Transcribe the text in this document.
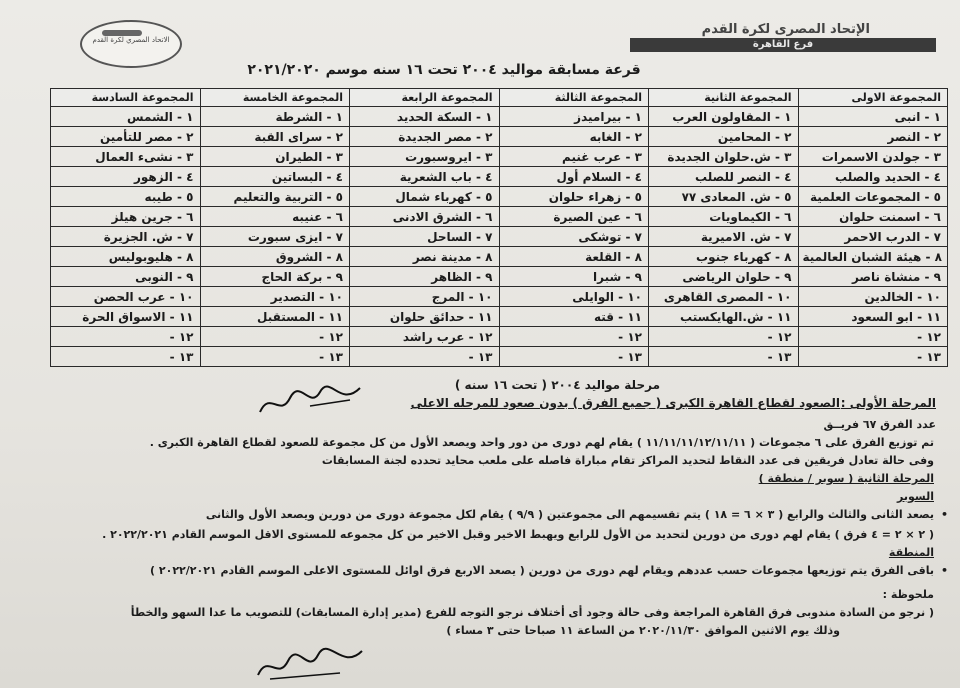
الاتحاد المصري لكرة القدم
الإتحاد المصرى لكرة القدم
فرع القاهرة
قرعة مسابقة مواليد ٢٠٠٤ تحت ١٦ سنه موسم ٢٠٢١/٢٠٢٠
المجموعة الاولى	المجموعة الثانية	المجموعة الثالثة	المجموعة الرابعة	المجموعة الخامسة	المجموعة السادسة
١ - انبى	١ - المقاولون العرب	١ - بيراميدز	١ - السكة الحديد	١ - الشرطة	١ - الشمس
٢ - النصر	٢ - المحامين	٢ - الغابه	٢ - مصر الجديدة	٢ - سراى القبة	٢ - مصر للتأمين
٣ - جولدن الاسمرات	٣ - ش.حلوان الجديدة	٣ - عرب غنيم	٣ - ايروسبورت	٣ - الطيران	٣ - نشىء العمال
٤ - الحديد والصلب	٤ - النصر للصلب	٤ - السلام أول	٤ - باب الشعرية	٤ - البساتين	٤ - الزهور
٥ - المجموعات العلمية	٥ - ش. المعادى ٧٧	٥ - زهراء حلوان	٥ - كهرباء شمال	٥ - التربية والتعليم	٥ - طيبه
٦ - اسمنت حلوان	٦ - الكيماويات	٦ - عين الصيرة	٦ - الشرق الادنى	٦ - عنيبه	٦ - جرين هيلز
٧ - الدرب الاحمر	٧ - ش. الاميرية	٧ - توشكى	٧ - الساحل	٧ - ايزى سبورت	٧ - ش. الجزيرة
٨ - هيئة الشبان العالمية	٨ - كهرباء جنوب	٨ - القلعة	٨ - مدينة نصر	٨ - الشروق	٨ - هليوبوليس
٩ - منشاة ناصر	٩ - حلوان الرياضى	٩ - شبرا	٩ - الظاهر	٩ - بركة الحاج	٩ - النوبى
١٠ - الخالدين	١٠ - المصرى القاهرى	١٠ - الوايلى	١٠ - المرج	١٠ - التصدير	١٠ - عرب الحصن
١١ - ابو السعود	١١ - ش.الهايكستب	١١ - قته	١١ - حدائق حلوان	١١ - المستقبل	١١ - الاسواق الحرة
١٢ -	١٢ -	١٢ -	١٢ - عرب راشد	١٢ -	١٢ -
١٣ -	١٣ -	١٣ -	١٣ -	١٣ -	١٣ -
مرحلة مواليد ٢٠٠٤ ( تحت ١٦ سنه )
المرحلة الأولى :
الصعود لقطاع القاهرة الكبرى ( جميع الفرق ) بدون صعود للمرحله الاعلى
عدد الفرق ٦٧ فريــق
تم توزيع الفرق على ٦ مجموعات ( ١١/١١/١١/١٢/١١/١١ ) يقام لهم دورى من دور واحد ويصعد الأول من كل مجموعة للصعود لقطاع القاهرة الكبرى .
وفى حالة تعادل فريقين فى عدد النقاط لتحديد المراكز تقام مباراة فاصله على ملعب محايد تحدده لجنة المسابقات
المرحلة الثانية ( سوبر / منطقة )
السوبر
• يصعد الثانى والثالث والرابع ( ٣ × ٦ = ١٨ ) يتم تقسيمهم الى مجموعتين ( ٩/٩ ) يقام لكل مجموعة دورى من دورين ويصعد الأول والثانى
( ٢ × ٢ = ٤ فرق ) يقام لهم دورى من دورين لتحديد من الأول للرابع ويهبط الاخير وقبل الاخير من كل مجموعه للمستوى الاقل الموسم القادم ٢٠٢٢/٢٠٢١ .
المنطقة
• باقى الفرق يتم توزيعها مجموعات حسب عددهم ويقام لهم دورى من دورين ( يصعد الاربع فرق اوائل للمستوى الاعلى الموسم القادم ٢٠٢٢/٢٠٢١ )
ملحوظة :
( نرجو من السادة مندوبى فرق القاهرة المراجعة وفى حالة وجود أى أختلاف نرجو التوجه للفرع (مدير إدارة المسابقات) للتصويب ما عدا السهو والخطأ
وذلك يوم الاثنين الموافق ٢٠٢٠/١١/٣٠ من الساعة ١١ صباحا حتى ٣ مساء )
